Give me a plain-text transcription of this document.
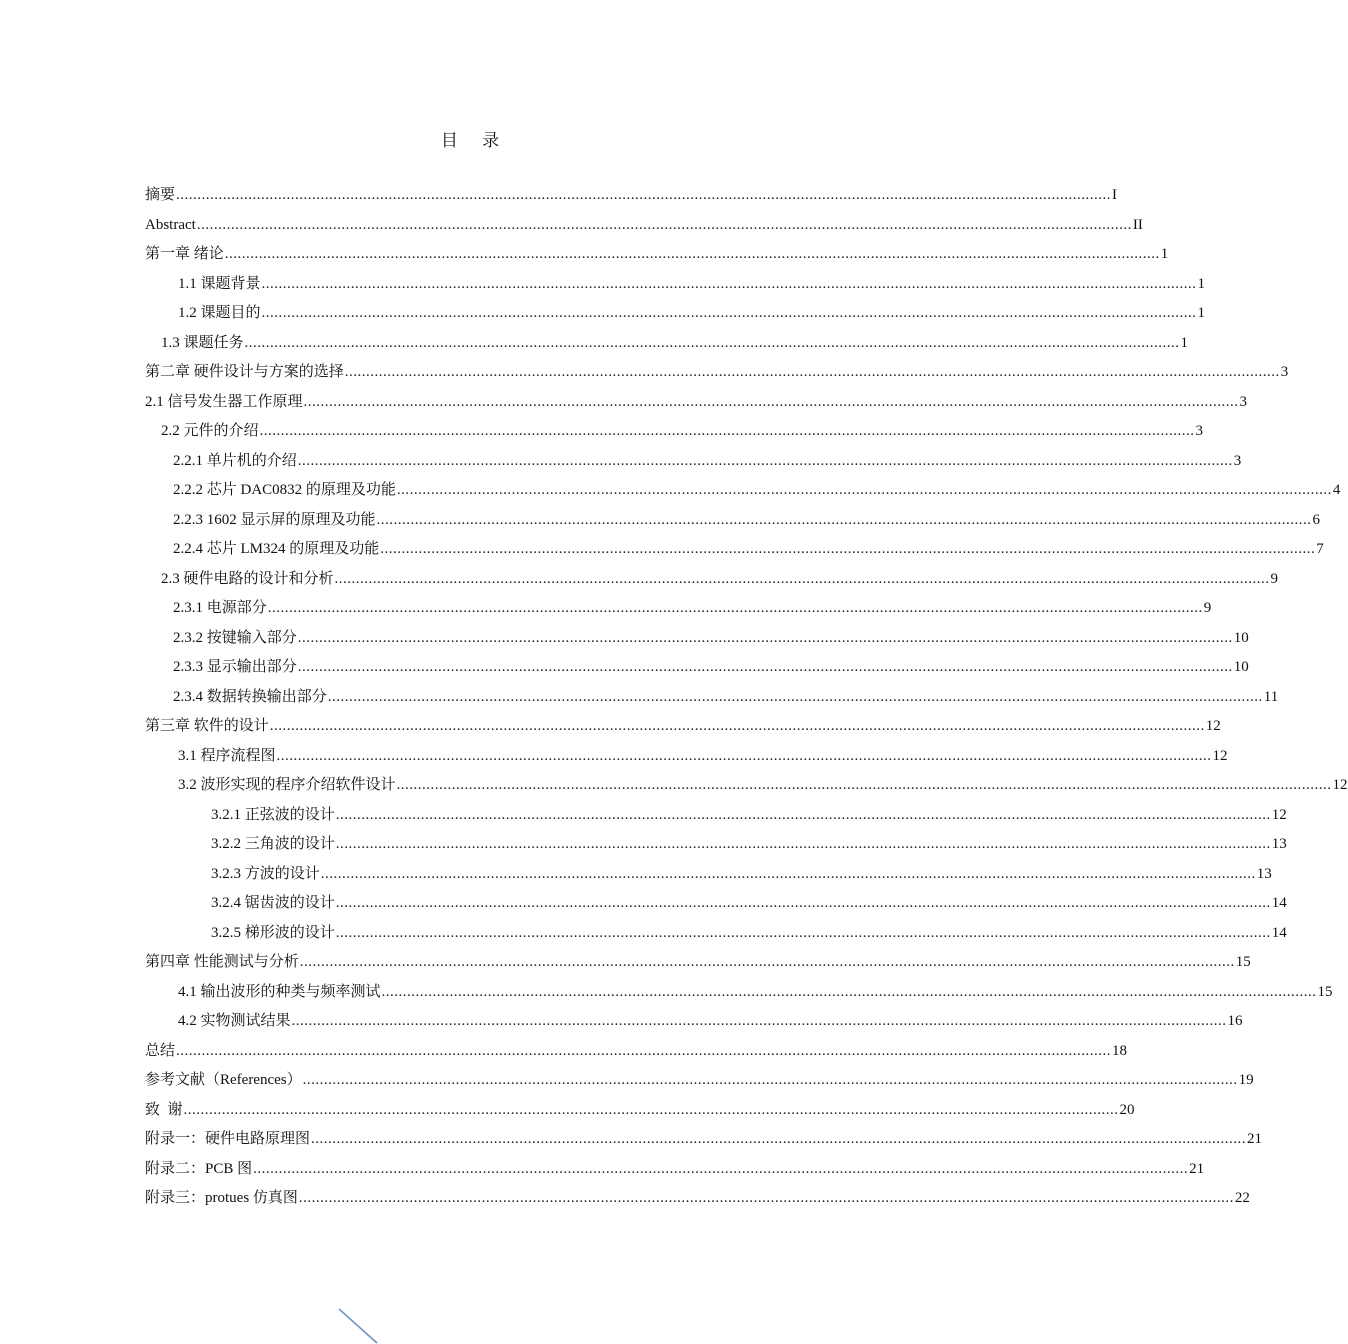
目 录
摘要 ............................................................................................................................................................................................................................ I
Abstract ............................................................................................................................................................................................................................ II
第一章 绪论 ............................................................................................................................................................................................................................ 1
1.1 课题背景 ............................................................................................................................................................................................................................ 1
1.2 课题目的 ............................................................................................................................................................................................................................ 1
1.3 课题任务 ............................................................................................................................................................................................................................ 1
第二章 硬件设计与方案的选择 ............................................................................................................................................................................................................................ 3
2.1 信号发生器工作原理 ............................................................................................................................................................................................................................ 3
2.2 元件的介绍 ............................................................................................................................................................................................................................ 3
2.2.1 单片机的介绍 ............................................................................................................................................................................................................................ 3
2.2.2 芯片 DAC0832 的原理及功能 ............................................................................................................................................................................................................................ 4
2.2.3 1602 显示屏的原理及功能 ............................................................................................................................................................................................................................ 6
2.2.4 芯片 LM324 的原理及功能 ............................................................................................................................................................................................................................ 7
2.3 硬件电路的设计和分析 ............................................................................................................................................................................................................................ 9
2.3.1 电源部分 ............................................................................................................................................................................................................................ 9
2.3.2 按键输入部分 ............................................................................................................................................................................................................................ 10
2.3.3 显示输出部分 ............................................................................................................................................................................................................................ 10
2.3.4 数据转换输出部分 ............................................................................................................................................................................................................................ 11
第三章 软件的设计 ............................................................................................................................................................................................................................ 12
3.1 程序流程图 ............................................................................................................................................................................................................................ 12
3.2 波形实现的程序介绍软件设计 ............................................................................................................................................................................................................................ 12
3.2.1 正弦波的设计 ............................................................................................................................................................................................................................ 12
3.2.2 三角波的设计 ............................................................................................................................................................................................................................ 13
3.2.3 方波的设计 ............................................................................................................................................................................................................................ 13
3.2.4 锯齿波的设计 ............................................................................................................................................................................................................................ 14
3.2.5 梯形波的设计 ............................................................................................................................................................................................................................ 14
第四章 性能测试与分析 ............................................................................................................................................................................................................................ 15
4.1 输出波形的种类与频率测试 ............................................................................................................................................................................................................................ 15
4.2 实物测试结果 ............................................................................................................................................................................................................................ 16
总结 ............................................................................................................................................................................................................................ 18
参考文献（References） ............................................................................................................................................................................................................................ 19
致  谢 ............................................................................................................................................................................................................................ 20
附录一：硬件电路原理图 ............................................................................................................................................................................................................................ 21
附录二：PCB 图 ............................................................................................................................................................................................................................ 21
附录三：protues 仿真图 ............................................................................................................................................................................................................................ 22
